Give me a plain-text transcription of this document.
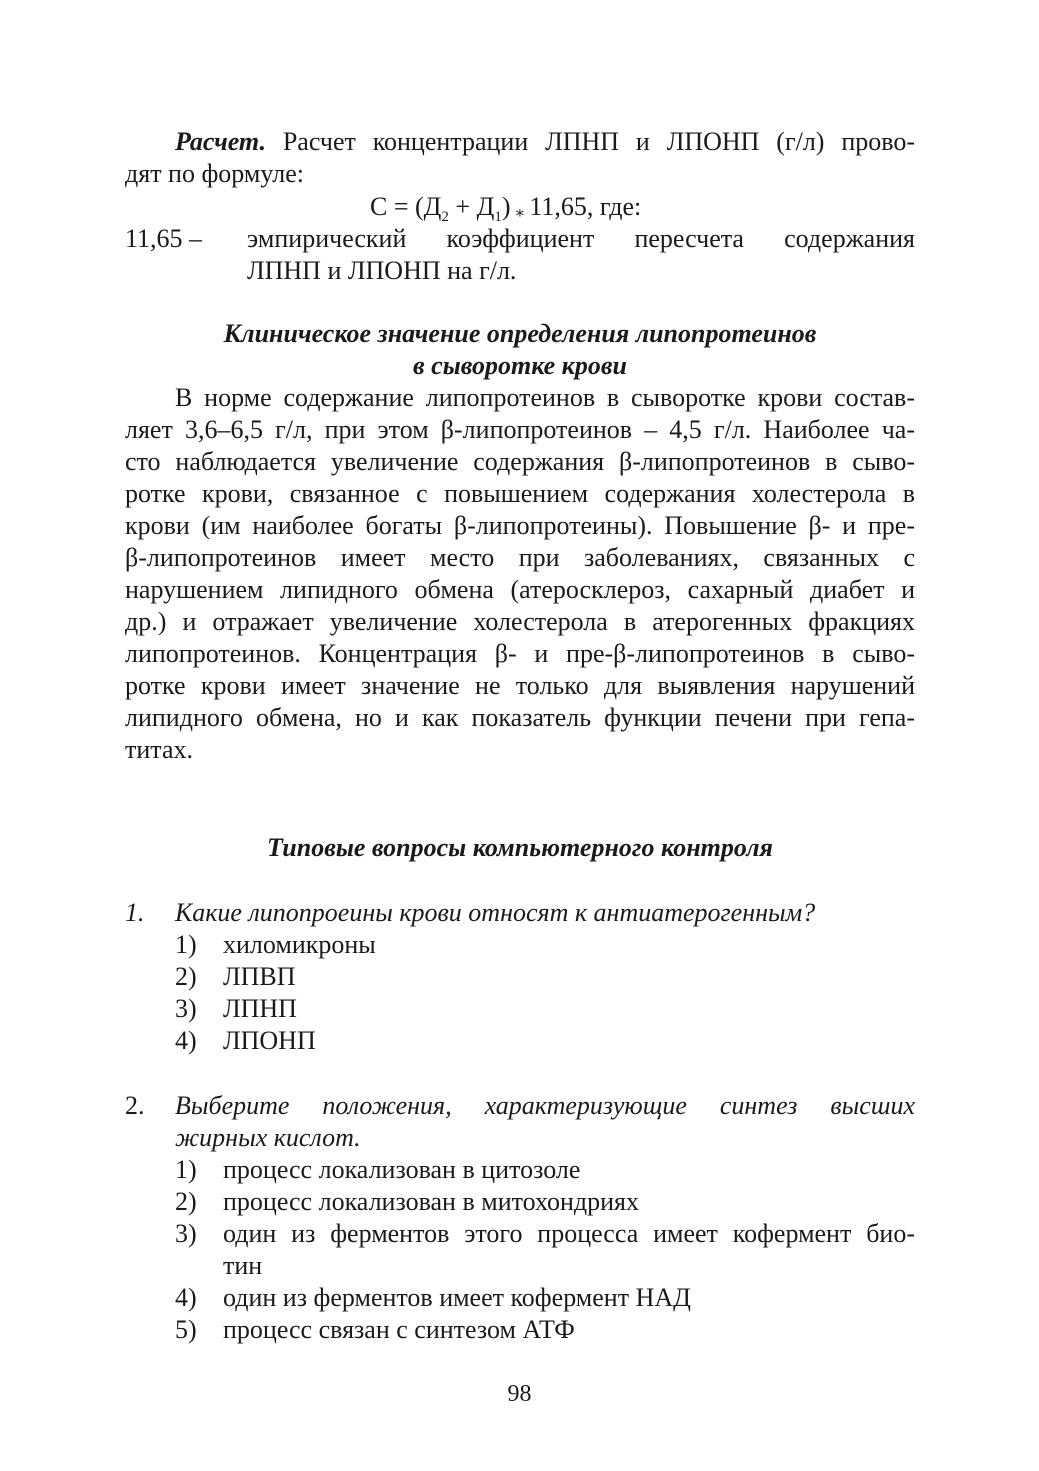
Расчет. Расчет концентрации ЛПНП и ЛПОНП (г/л) прово-

дят по формуле:

$С = (Д_2 + Д_1)$ ∗ 11,65, где:
11,65 – эмпирический коэффициент пересчета содержания

ЛПНП и ЛПОНП на г/л.

Клиническое значение определения липопротеинов

в сыворотке крови

В норме содержание липопротеинов в сыворотке крови состав-

ляет 3,6–6,5 г/л, при этом β-липопротеинов – 4,5 г/л. Наиболее ча-

сто наблюдается увеличение содержания β-липопротеинов в сыво-

ротке крови, связанное с повышением содержания холестерола в

крови (им наиболее богаты β-липопротеины). Повышение β- и пре-

β-липопротеинов имеет место при заболеваниях, связанных с

нарушением липидного обмена (атеросклероз, сахарный диабет и

др.) и отражает увеличение холестерола в атерогенных фракциях

липопротеинов. Концентрация β- и пре-β-липопротеинов в сыво-

ротке крови имеет значение не только для выявления нарушений

липидного обмена, но и как показатель функции печени при гепа-

титах.

Типовые вопросы компьютерного контроля

1. Какие липопроеины крови относят к антиатерогенным?

1) хиломикроны
2) ЛПВП
3) ЛПНП
4) ЛПОНП
2. Выберите положения, характеризующие синтез высших

жирных кислот.

1) процесс локализован в цитозоле
2) процесс локализован в митохондриях
3) один из ферментов этого процесса имеет кофермент био-

тин

4) один из ферментов имеет кофермент НАД
5) процесс связан с синтезом АТФ
98
